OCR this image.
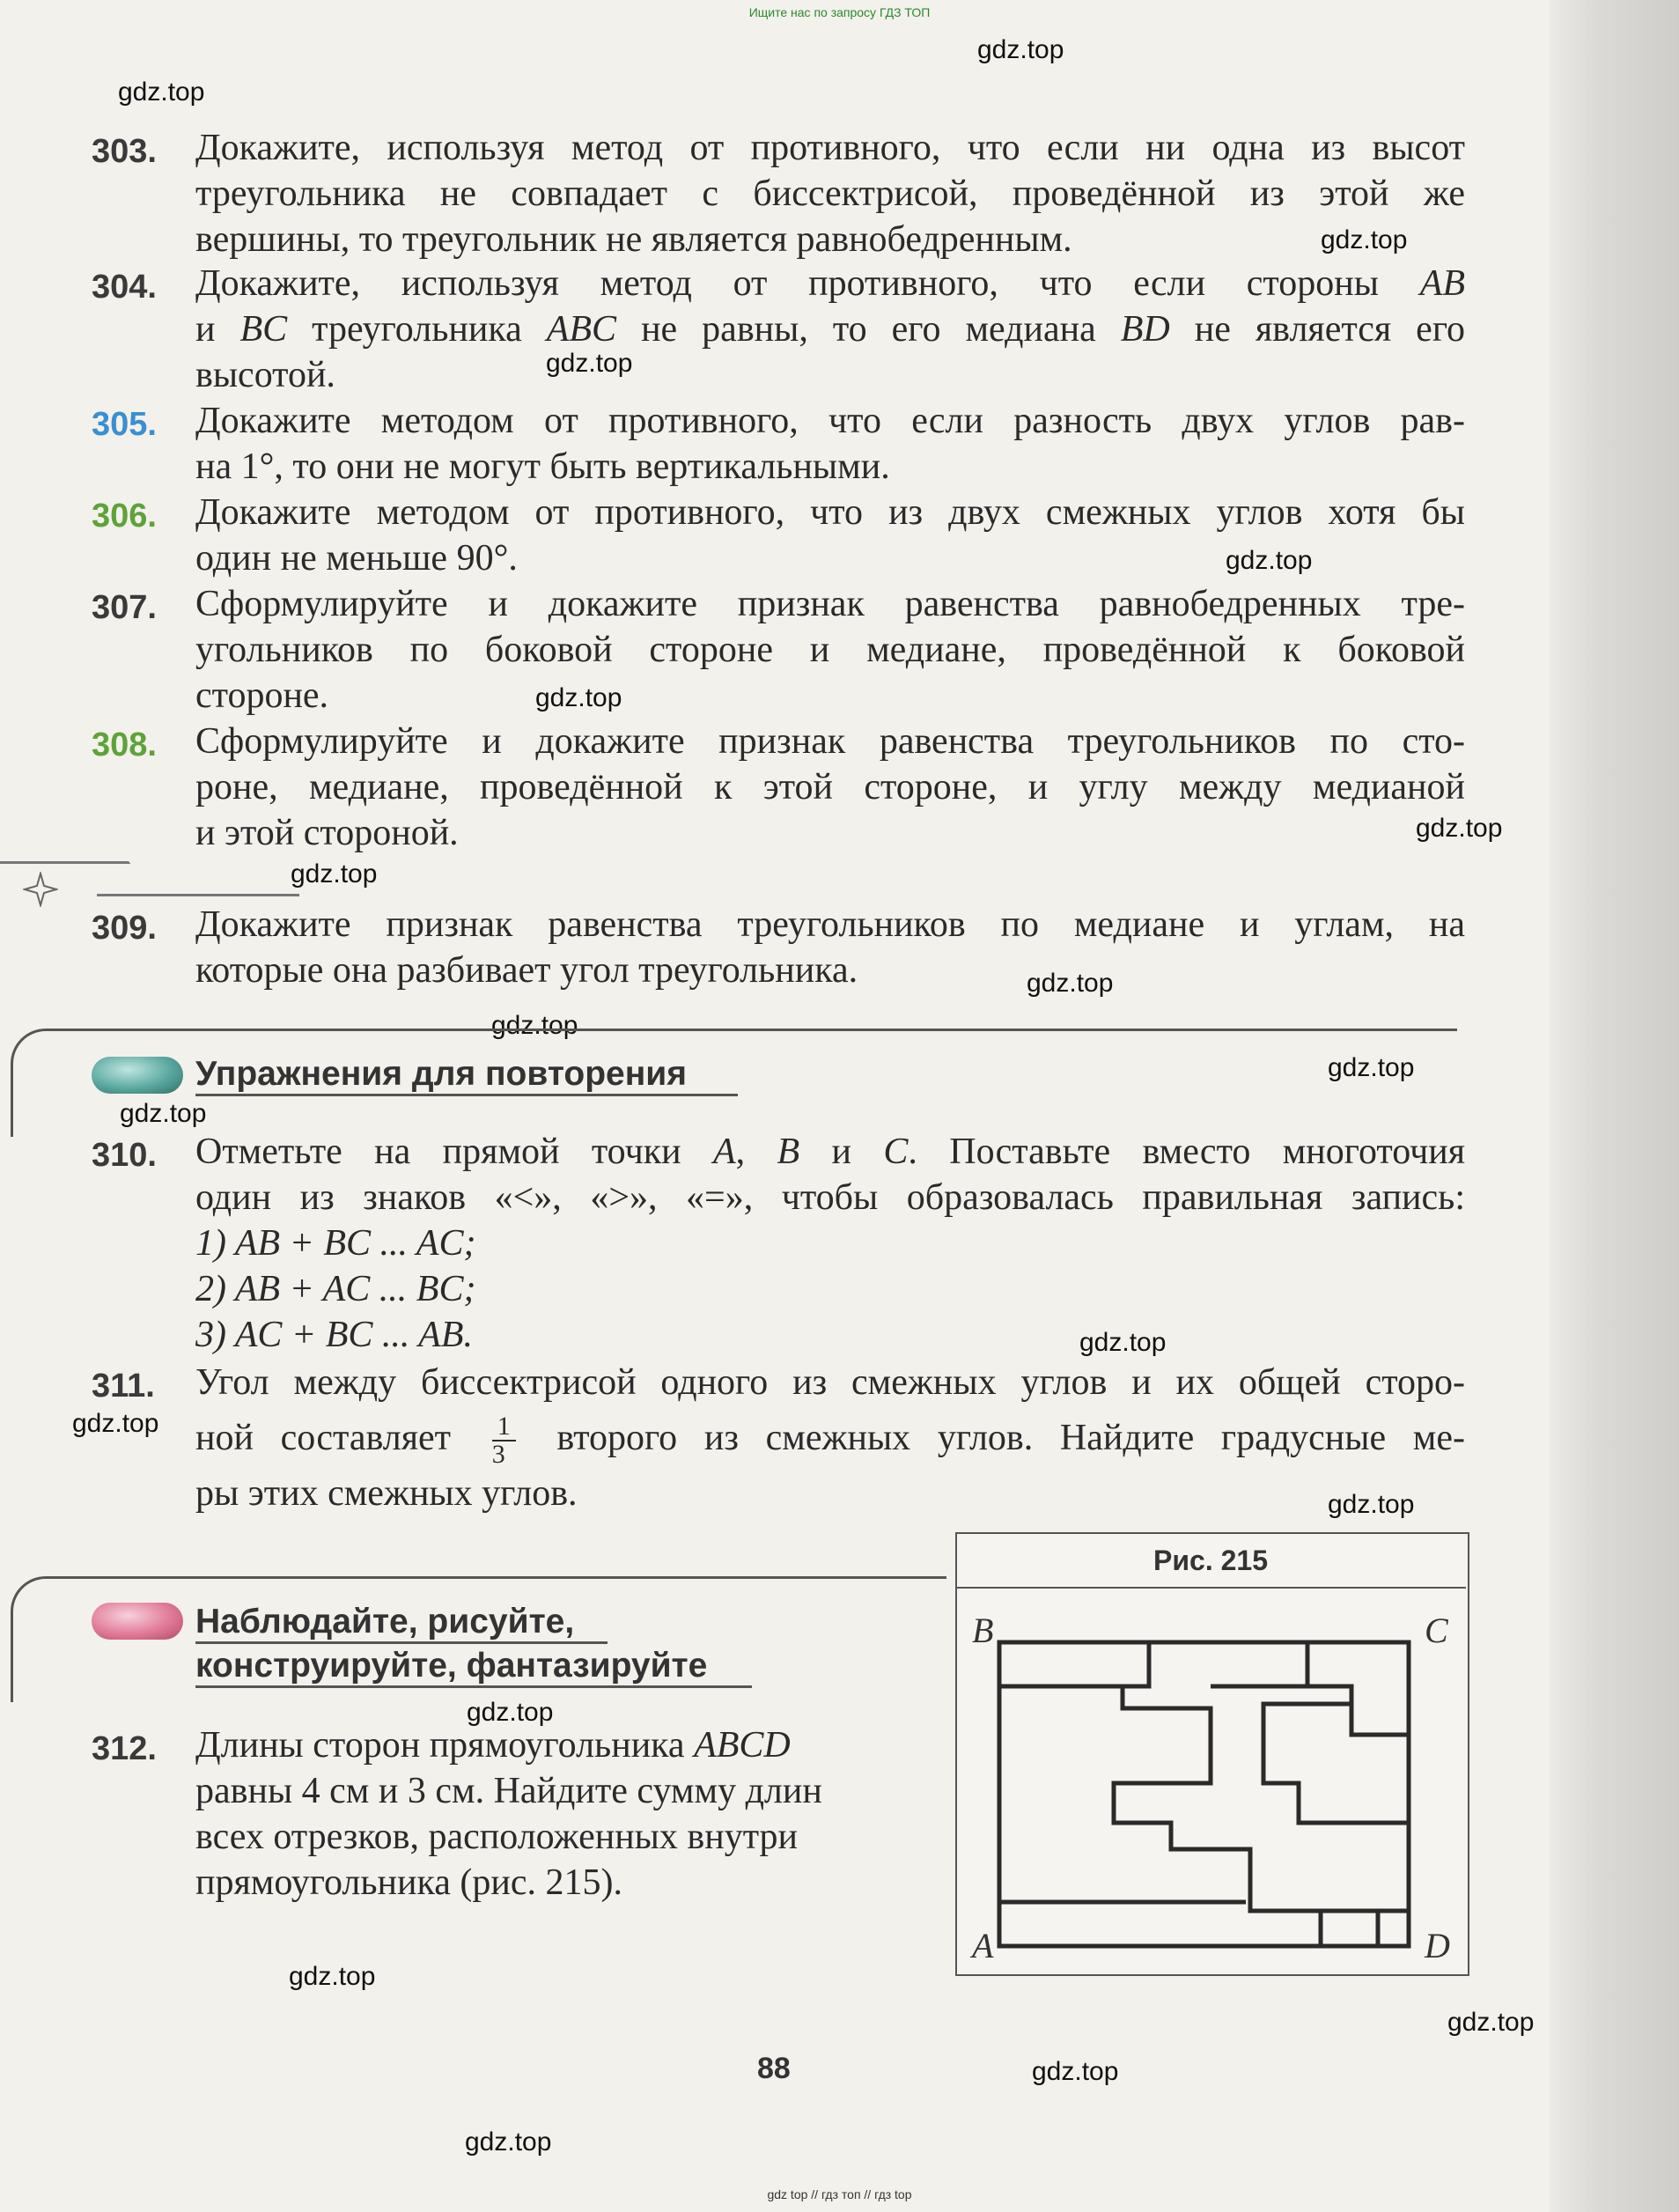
Ищите нас по запросу ГДЗ ТОП
gdz.top
gdz.top
gdz.top
gdz.top
gdz.top
gdz.top
gdz.top
gdz.top
gdz.top
gdz.top
gdz.top
gdz.top
gdz.top
gdz.top
gdz.top
gdz.top
gdz.top
gdz.top
gdz.top
gdz.top
303. Докажите, используя метод от противного, что если ни одна из высот
треугольника не совпадает с биссектрисой, проведённой из этой же
вершины, то треугольник не является равнобедренным.
304. Докажите, используя метод от противного, что если стороны AB
и BC треугольника ABC не равны, то его медиана BD не является его
высотой.
305. Докажите методом от противного, что если разность двух углов рав-
на 1°, то они не могут быть вертикальными.
306. Докажите методом от противного, что из двух смежных углов хотя бы
один не меньше 90°.
307. Сформулируйте и докажите признак равенства равнобедренных тре-
угольников по боковой стороне и медиане, проведённой к боковой
стороне.
308. Сформулируйте и докажите признак равенства треугольников по сто-
роне, медиане, проведённой к этой стороне, и углу между медианой
и этой стороной.
309. Докажите признак равенства треугольников по медиане и углам, на
которые она разбивает угол треугольника.
Упражнения для повторения
310. Отметьте на прямой точки A, B и C. Поставьте вместо многоточия
один из знаков «<», «>», «=», чтобы образовалась правильная запись:
1) AB + BC ... AC;
2) AB + AC ... BC;
3) AC + BC ... AB.
311. Угол между биссектрисой одного из смежных углов и их общей сторо-
ной составляет $\frac{1}{3}$ второго из смежных углов. Найдите градусные ме-
ры этих смежных углов.
Наблюдайте, рисуйте,
конструируйте, фантазируйте
312. Длины сторон прямоугольника ABCD
равны 4 см и 3 см. Найдите сумму длин
всех отрезков, расположенных внутри
прямоугольника (рис. 215).
Рис. 215
B	C
A	D
88
gdz top // гдз топ // гдз top
